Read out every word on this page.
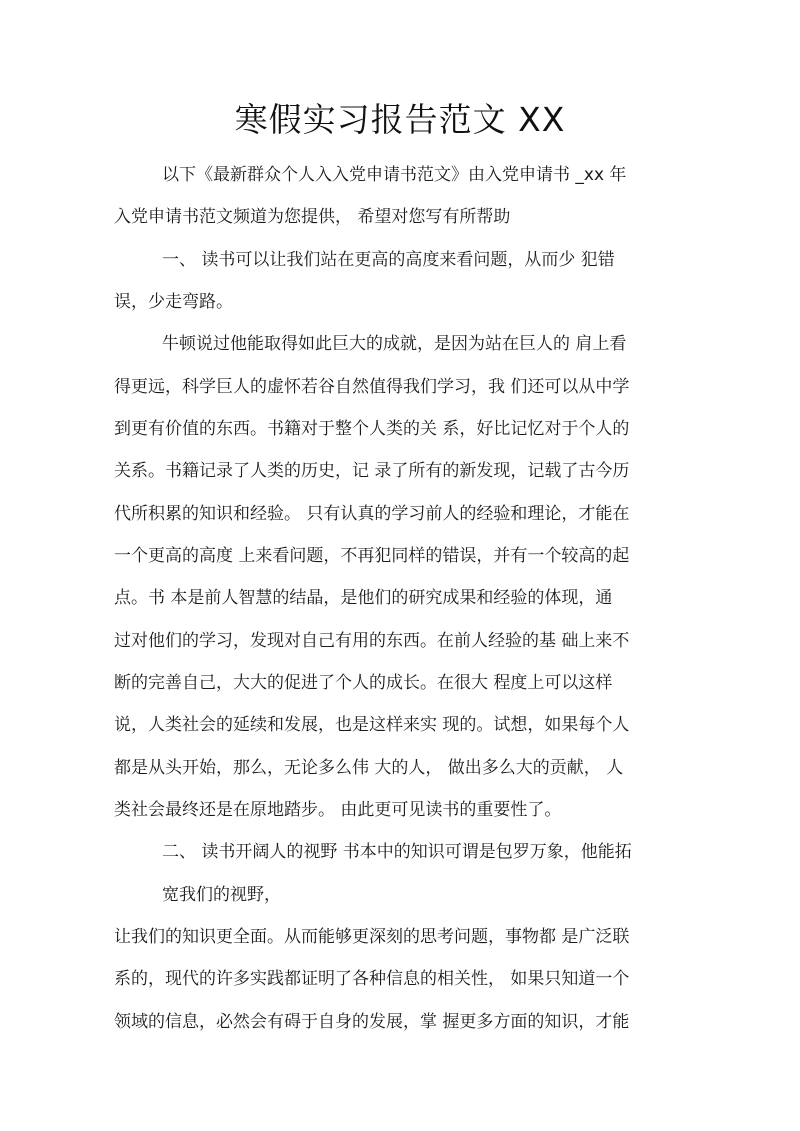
寒假实习报告范文 XX
以下《最新群众个人入入党申请书范文》由入党申请书 _xx 年
入党申请书范文频道为您提供， 希望对您写有所帮助
一、 读书可以让我们站在更高的高度来看问题，从而少 犯错
误，少走弯路。
牛顿说过他能取得如此巨大的成就，是因为站在巨人的 肩上看
得更远，科学巨人的虚怀若谷自然值得我们学习，我 们还可以从中学
到更有价值的东西。书籍对于整个人类的关 系，好比记忆对于个人的
关系。书籍记录了人类的历史，记 录了所有的新发现，记载了古今历
代所积累的知识和经验。 只有认真的学习前人的经验和理论，才能在
一个更高的高度 上来看问题，不再犯同样的错误，并有一个较高的起
点。书 本是前人智慧的结晶，是他们的研究成果和经验的体现，通
过对他们的学习，发现对自己有用的东西。在前人经验的基 础上来不
断的完善自己，大大的促进了个人的成长。在很大 程度上可以这样
说，人类社会的延续和发展，也是这样来实 现的。试想，如果每个人
都是从头开始，那么，无论多么伟 大的人， 做出多么大的贡献， 人
类社会最终还是在原地踏步。 由此更可见读书的重要性了。
二、 读书开阔人的视野 书本中的知识可谓是包罗万象，他能拓
宽我们的视野，
让我们的知识更全面。从而能够更深刻的思考问题，事物都 是广泛联
系的，现代的许多实践都证明了各种信息的相关性， 如果只知道一个
领域的信息，必然会有碍于自身的发展，掌 握更多方面的知识，才能
